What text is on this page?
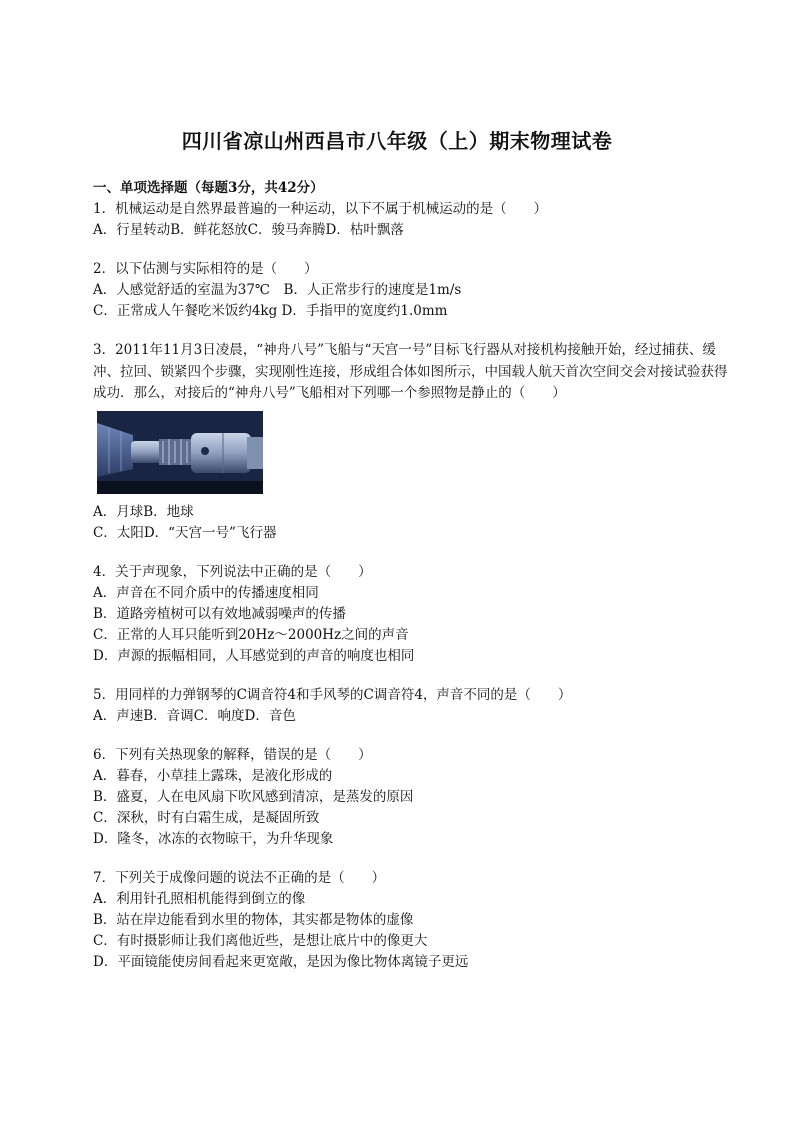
四川省凉山州西昌市八年级（上）期末物理试卷
一、单项选择题（每题3分，共42分）
1．机械运动是自然界最普遍的一种运动，以下不属于机械运动的是（　　）
A．行星转动B．鲜花怒放C．骏马奔腾D．枯叶飘落
2．以下估测与实际相符的是（　　）
A．人感觉舒适的室温为37℃　B．人正常步行的速度是1m/s
C．正常成人午餐吃米饭约4kg D．手指甲的宽度约1.0mm
3．2011年11月3日凌晨，“神舟八号”飞船与“天宫一号”目标飞行器从对接机构接触开始，经过捕获、缓冲、拉回、锁紧四个步骤，实现刚性连接，形成组合体如图所示，中国载人航天首次空间交会对接试验获得成功．那么，对接后的“神舟八号”飞船相对下列哪一个参照物是静止的（　　）
A．月球B．地球
C．太阳D．“天宫一号”飞行器
4．关于声现象，下列说法中正确的是（　　）
A．声音在不同介质中的传播速度相同
B．道路旁植树可以有效地减弱噪声的传播
C．正常的人耳只能听到20Hz～2000Hz之间的声音
D．声源的振幅相同，人耳感觉到的声音的响度也相同
5．用同样的力弹钢琴的C调音符4和手风琴的C调音符4，声音不同的是（　　）
A．声速B．音调C．响度D．音色
6．下列有关热现象的解释，错误的是（　　）
A．暮春，小草挂上露珠，是液化形成的
B．盛夏，人在电风扇下吹风感到清凉，是蒸发的原因
C．深秋，时有白霜生成，是凝固所致
D．隆冬，冰冻的衣物晾干，为升华现象
7．下列关于成像问题的说法不正确的是（　　）
A．利用针孔照相机能得到倒立的像
B．站在岸边能看到水里的物体，其实都是物体的虚像
C．有时摄影师让我们离他近些，是想让底片中的像更大
D．平面镜能使房间看起来更宽敞，是因为像比物体离镜子更远
